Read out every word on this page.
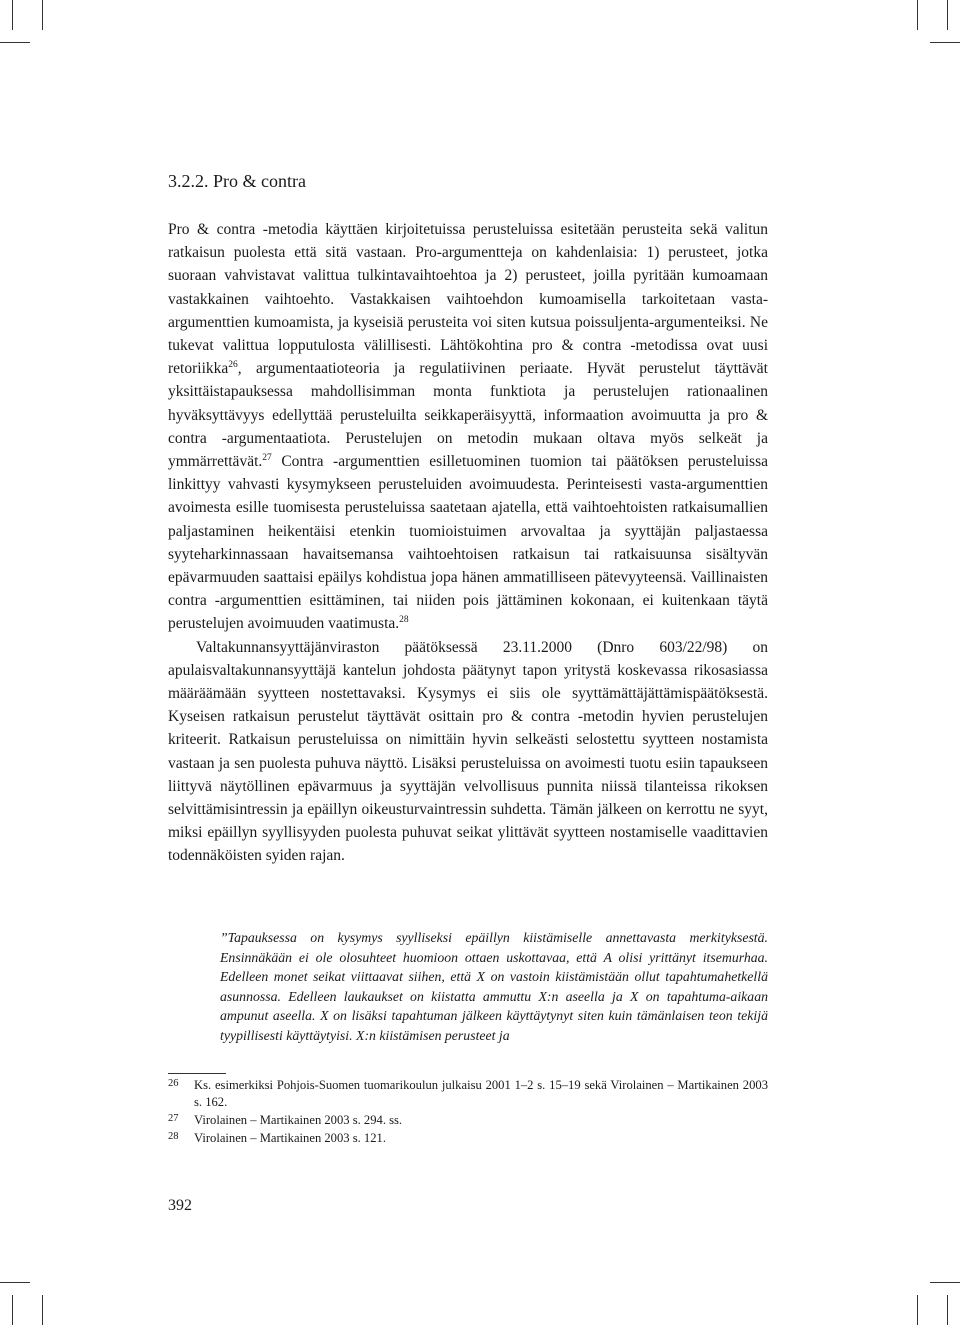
3.2.2. Pro & contra

Pro & contra -metodia käyttäen kirjoitetuissa perusteluissa esitetään perusteita sekä valitun ratkaisun puolesta että sitä vastaan. Pro-argumentteja on kahdenlaisia: 1) perusteet, jotka suoraan vahvistavat valittua tulkintavaihtoehtoa ja 2) perusteet, joilla pyritään kumoamaan vastakkainen vaihtoehto. Vastakkaisen vaihtoehdon kumoamisella tarkoitetaan vasta-argumenttien kumoamista, ja kyseisiä perusteita voi siten kutsua poissuljenta-argumenteiksi. Ne tukevat valittua lopputulosta välillisesti. Lähtökohtina pro & contra -metodissa ovat uusi retoriikka$^{26}$, argumentaatioteoria ja regulatiivinen periaate. Hyvät perustelut täyttävät yksittäistapauksessa mahdollisimman monta funktiota ja perustelujen rationaalinen hyväksyttävyys edellyttää perusteluilta seikkaperäisyyttä, informaation avoimuutta ja pro & contra -argumentaatiota. Perustelujen on metodin mukaan oltava myös selkeät ja ymmärrettävät.$^{27}$ Contra -argumenttien esilletuominen tuomion tai päätöksen perusteluissa linkittyy vahvasti kysymykseen perusteluiden avoimuudesta. Perinteisesti vasta-argumenttien avoimesta esille tuomisesta perusteluissa saatetaan ajatella, että vaihtoehtoisten ratkaisumallien paljastaminen heikentäisi etenkin tuomioistuimen arvovaltaa ja syyttäjän paljastaessa syyteharkinnassaan havaitsemansa vaihtoehtoisen ratkaisun tai ratkaisuunsa sisältyvän epävarmuuden saattaisi epäilys kohdistua jopa hänen ammatilliseen pätevyyteensä. Vaillinaisten contra -argumenttien esittäminen, tai niiden pois jättäminen kokonaan, ei kuitenkaan täytä perustelujen avoimuuden vaatimusta.$^{28}$

Valtakunnansyyttäjänviraston päätöksessä 23.11.2000 (Dnro 603/22/98) on apulaisvaltakunnansyyttäjä kantelun johdosta päätynyt tapon yritystä koskevassa rikosasiassa määräämään syytteen nostettavaksi. Kysymys ei siis ole syyttämättäjättämispäätöksestä. Kyseisen ratkaisun perustelut täyttävät osittain pro & contra -metodin hyvien perustelujen kriteerit. Ratkaisun perusteluissa on nimittäin hyvin selkeästi selostettu syytteen nostamista vastaan ja sen puolesta puhuva näyttö. Lisäksi perusteluissa on avoimesti tuotu esiin tapaukseen liittyvä näytöllinen epävarmuus ja syyttäjän velvollisuus punnita niissä tilanteissa rikoksen selvittämisintressin ja epäillyn oikeusturvaintressin suhdetta. Tämän jälkeen on kerrottu ne syyt, miksi epäillyn syyllisyyden puolesta puhuvat seikat ylittävät syytteen nostamiselle vaadittavien todennäköisten syiden rajan.

”Tapauksessa on kysymys syylliseksi epäillyn kiistämiselle annettavasta merkityksestä. Ensinnäkään ei ole olosuhteet huomioon ottaen uskottavaa, että A olisi yrittänyt itsemurhaa. Edelleen monet seikat viittaavat siihen, että X on vastoin kiistämistään ollut tapahtumahetkellä asunnossa. Edelleen laukaukset on kiistatta ammuttu X:n aseella ja X on tapahtuma-aikaan ampunut aseella. X on lisäksi tapahtuman jälkeen käyttäytynyt siten kuin tämänlaisen teon tekijä tyypillisesti käyttäytyisi. X:n kiistämisen perusteet ja

26 Ks. esimerkiksi Pohjois-Suomen tuomarikoulun julkaisu 2001 1–2 s. 15–19 sekä Virolainen – Martikainen 2003 s. 162.
27 Virolainen – Martikainen 2003 s. 294. ss.
28 Virolainen – Martikainen 2003 s. 121.
392
